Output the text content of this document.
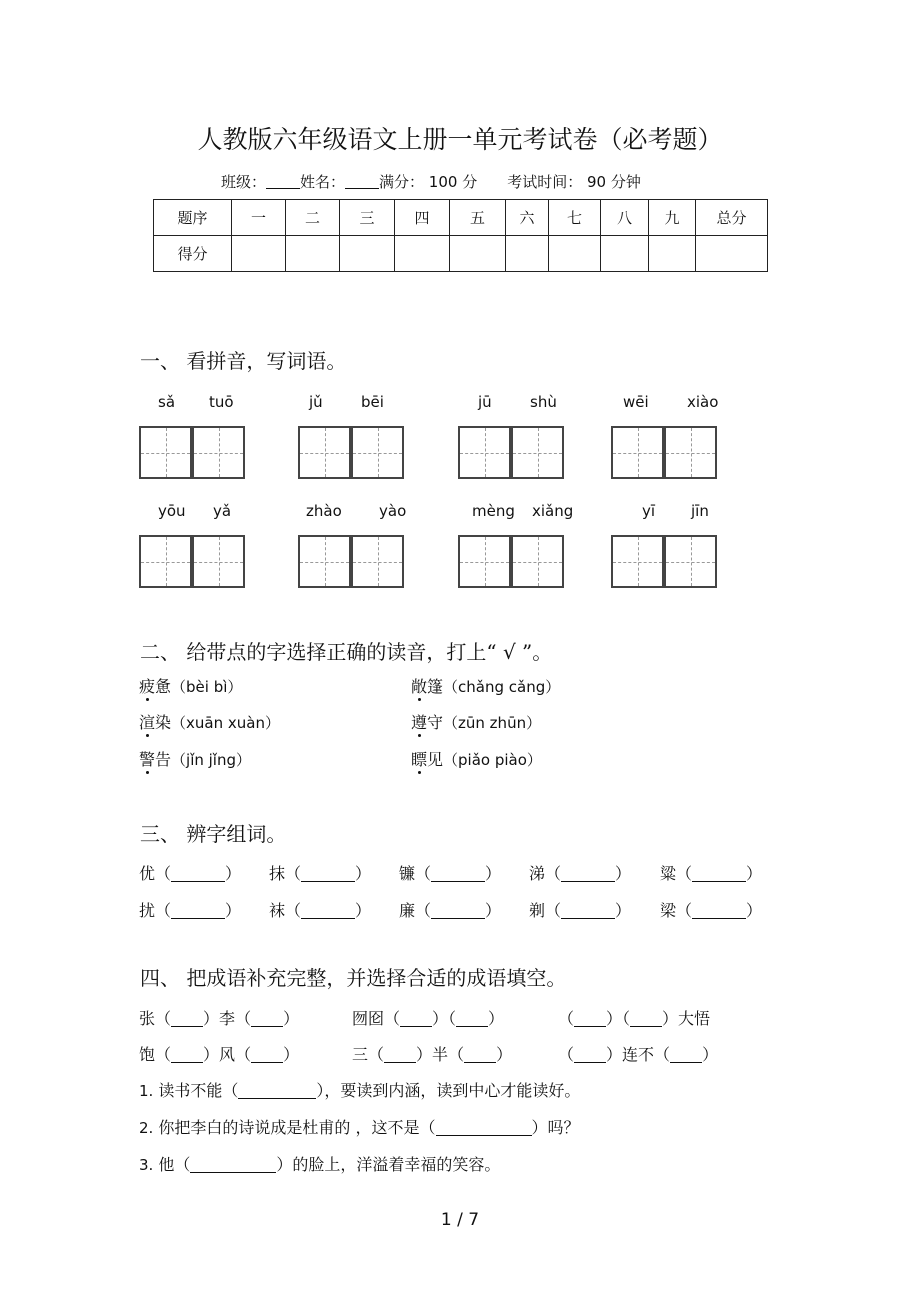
人教版六年级语文上册一单元考试卷（必考题）
班级： 姓名： 满分： 100 分 考试时间： 90 分钟
题序	一	二	三	四	五	六	七	八	九	总分
得分										
一、 看拼音，写词语。
sǎ tuō	jǔ	bēi	jū	shù	wēi	xiào
yōu yǎ	zhào yào	mèng xiǎng	yī jīn
二、 给带点的字选择正确的读音，打上“ √ ”。
疲惫（bèi bì）	敞篷（chǎng cǎng）
渲染（xuān xuàn）	遵守（zūn zhūn）
警告（jǐn jǐng）	瞟见（piǎo piào）
三、 辨字组词。
优（	） 抹（	） 镰（	） 涕（	） 粱（	）
扰（	） 袜（	） 廉（	） 剃（	） 梁（	）
四、 把成语补充完整，并选择合适的成语填空。
张（ ）李（ ）	囫囵（ ）（ ）	（ ）（ ）大悟
饱（ ）风（ ）	三（ ）半（ ）	（ ）连不（ ）
1. 读书不能（	），要读到内涵，读到中心才能读好。
2. 你把李白的诗说成是杜甫的 ，这不是（	）吗？
3. 他（	）的脸上，洋溢着幸福的笑容。
1 / 7
